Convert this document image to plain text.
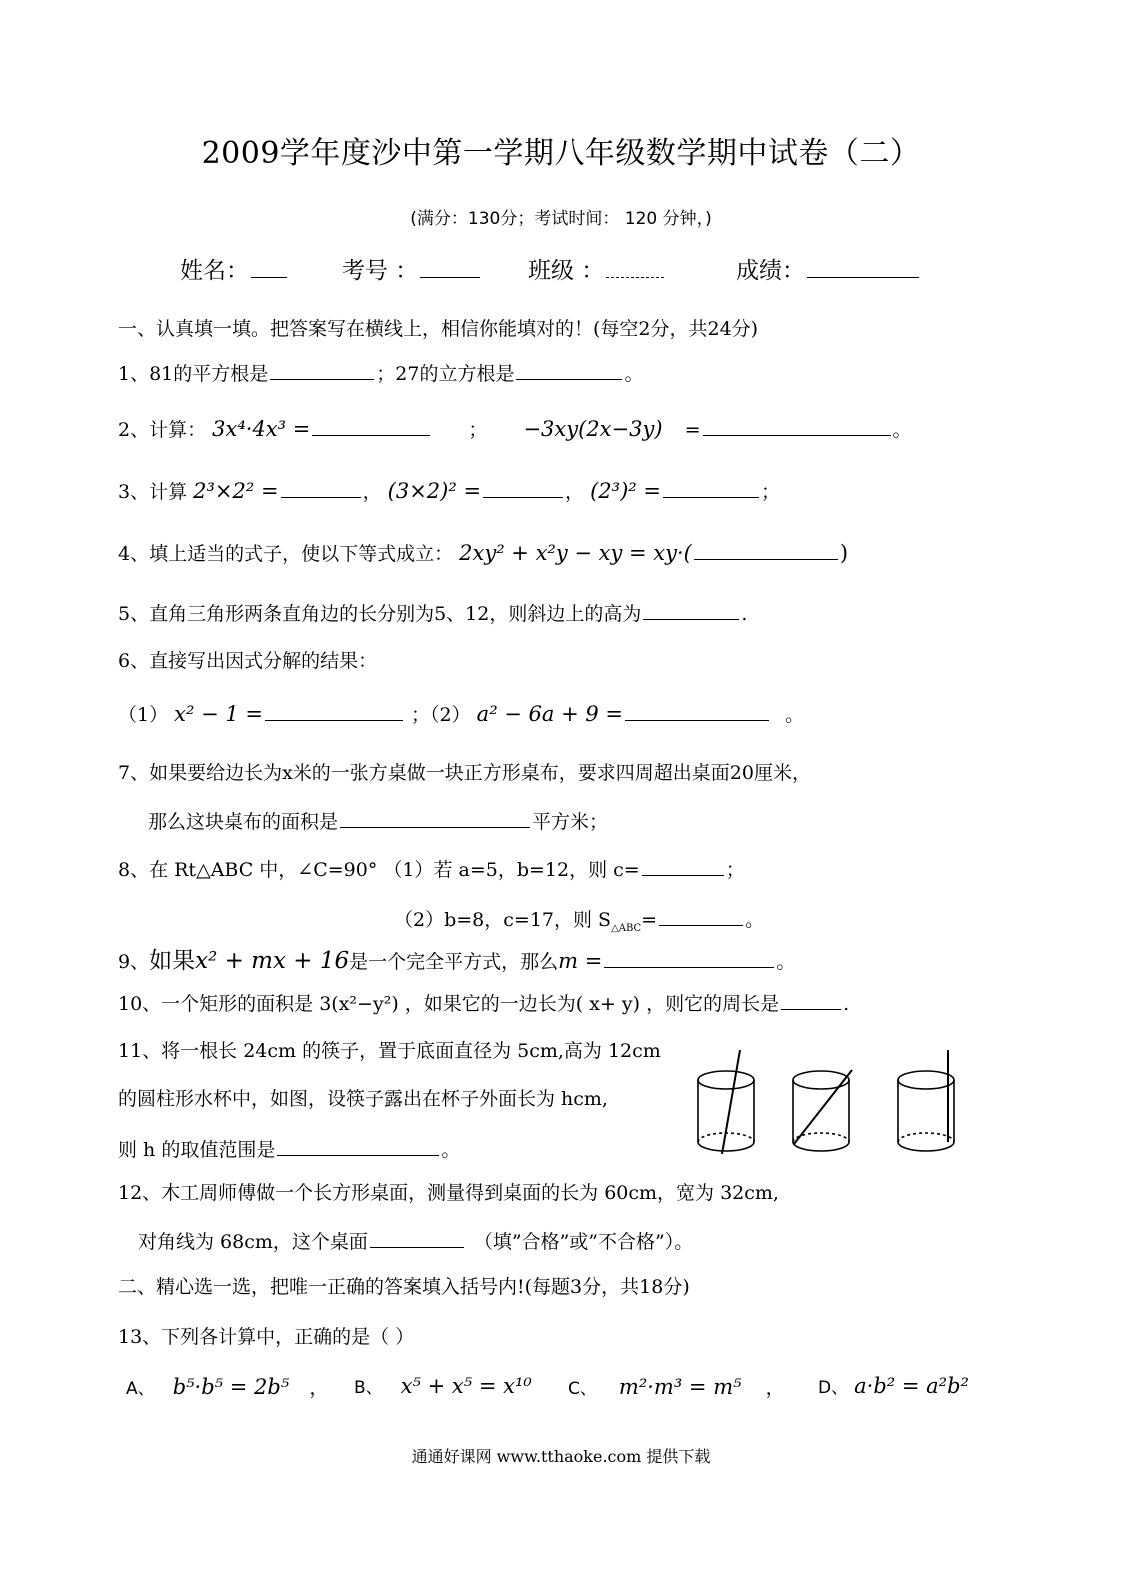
2009学年度沙中第一学期八年级数学期中试卷（二）
(满分：130分；考试时间： 120 分钟，)
姓名：	考号 ：	班级 ：	成绩：
一、认真填一填。把答案写在横线上，相信你能填对的！(每空2分，共24分)
1、81的平方根是	；27的立方根是	。
2、计算： 3x⁴·4x³ =	； −3xy(2x−3y) =	。
3、计算 2³×2² =	， (3×2)² =	， (2³)² =	；
4、填上适当的式子，使以下等式成立： 2xy² + x²y − xy = xy·(	)
5、直角三角形两条直角边的长分别为5、12，则斜边上的高为	.
6、直接写出因式分解的结果：
（1） x² − 1 =	；（2） a² − 6a + 9 =	。
7、如果要给边长为x米的一张方桌做一块正方形桌布，要求四周超出桌面20厘米，
那么这块桌布的面积是	平方米；
8、在 Rt△ABC 中，∠C=90° （1）若 a=5，b=12，则 c=	；
（2）b=8，c=17，则 $S_{\triangle ABC}=$	。
9、如果x² + mx + 16是一个完全平方式，那么m =	。
10、一个矩形的面积是 3(x²−y²) ，如果它的一边长为( x+ y) ，则它的周长是	.
11、将一根长 24cm 的筷子，置于底面直径为 5cm,高为 12cm
的圆柱形水杯中，如图，设筷子露出在杯子外面长为 hcm,
则 h 的取值范围是	。
12、木工周师傅做一个长方形桌面，测量得到桌面的长为 60cm，宽为 32cm,
对角线为 68cm，这个桌面	（填”合格”或”不合格”）。
二、精心选一选，把唯一正确的答案填入括号内!(每题3分，共18分)
13、下列各计算中，正确的是（ ）
A、 b⁵·b⁵ = 2b⁵ ， B、 x⁵ + x⁵ = x¹⁰ C、 m²·m³ = m⁵ ， D、 a·b² = a²b²
通通好课网 www.tthaoke.com 提供下载
